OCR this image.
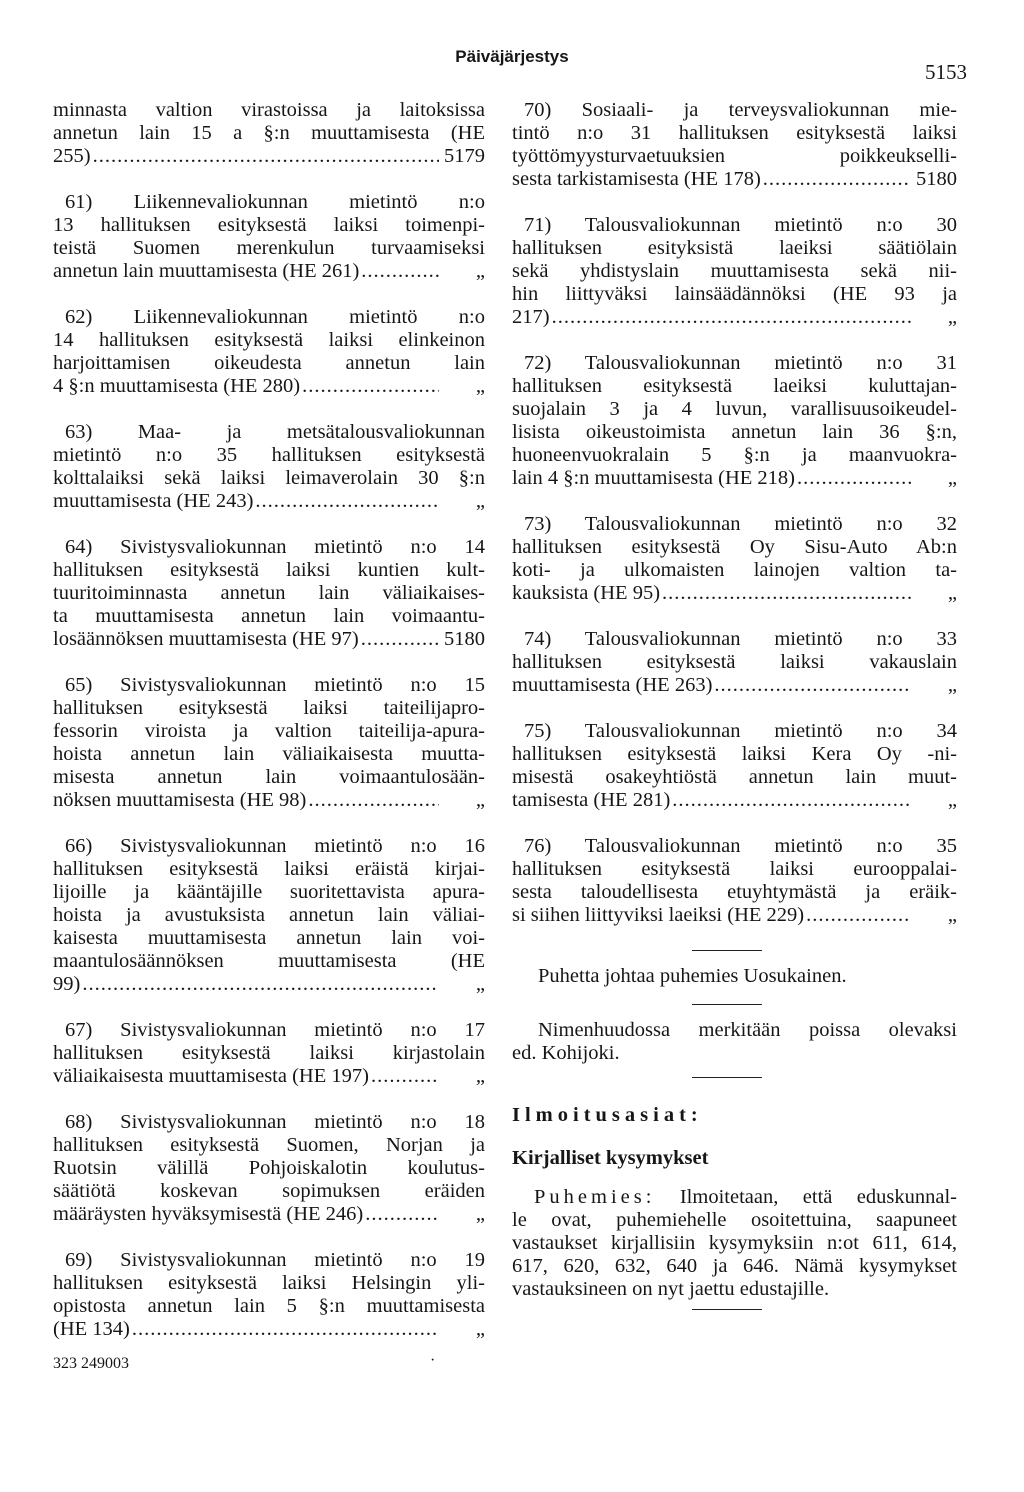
Päiväjärjestys
5153
minnasta valtion virastoissa ja laitoksissa
annetun lain 15 a §:n muuttamisesta (HE
255) .....	5179
61) Liikennevaliokunnan mietintö n:o
13 hallituksen esityksestä laiksi toimenpi-
teistä Suomen merenkulun turvaamiseksi
annetun lain muuttamisesta (HE 261) .....	„
62) Liikennevaliokunnan mietintö n:o
14 hallituksen esityksestä laiksi elinkeinon
harjoittamisen oikeudesta annetun lain
4 §:n muuttamisesta (HE 280) .....	„
63) Maa- ja metsätalousvaliokunnan
mietintö n:o 35 hallituksen esityksestä
kolttalaiksi sekä laiksi leimaverolain 30 §:n
muuttamisesta (HE 243) .....	„
64) Sivistysvaliokunnan mietintö n:o 14
hallituksen esityksestä laiksi kuntien kult-
tuuritoiminnasta annetun lain väliaikaises-
ta muuttamisesta annetun lain voimaantu-
losäännöksen muuttamisesta (HE 97) .....	5180
65) Sivistysvaliokunnan mietintö n:o 15
hallituksen esityksestä laiksi taiteilijapro-
fessorin viroista ja valtion taiteilija-apura-
hoista annetun lain väliaikaisesta muutta-
misesta annetun lain voimaantulosään-
nöksen muuttamisesta (HE 98) .....	„
66) Sivistysvaliokunnan mietintö n:o 16
hallituksen esityksestä laiksi eräistä kirjai-
lijoille ja kääntäjille suoritettavista apura-
hoista ja avustuksista annetun lain väliai-
kaisesta muuttamisesta annetun lain voi-
maantulosäännöksen muuttamisesta (HE
99) .....	„
67) Sivistysvaliokunnan mietintö n:o 17
hallituksen esityksestä laiksi kirjastolain
väliaikaisesta muuttamisesta (HE 197) .....	„
68) Sivistysvaliokunnan mietintö n:o 18
hallituksen esityksestä Suomen, Norjan ja
Ruotsin välillä Pohjoiskalotin koulutus-
säätiötä koskevan sopimuksen eräiden
määräysten hyväksymisestä (HE 246) .....	„
69) Sivistysvaliokunnan mietintö n:o 19
hallituksen esityksestä laiksi Helsingin yli-
opistosta annetun lain 5 §:n muuttamisesta
(HE 134) .....	„
70) Sosiaali- ja terveysvaliokunnan mie-
tintö n:o 31 hallituksen esityksestä laiksi
työttömyysturvaetuuksien poikkeukselli-
sesta tarkistamisesta (HE 178) .....	5180
71) Talousvaliokunnan mietintö n:o 30
hallituksen esityksistä laeiksi säätiölain
sekä yhdistyslain muuttamisesta sekä nii-
hin liittyväksi lainsäädännöksi (HE 93 ja
217) .....	„
72) Talousvaliokunnan mietintö n:o 31
hallituksen esityksestä laeiksi kuluttajan-
suojalain 3 ja 4 luvun, varallisuusoikeudel-
lisista oikeustoimista annetun lain 36 §:n,
huoneenvuokralain 5 §:n ja maanvuokra-
lain 4 §:n muuttamisesta (HE 218) .....	„
73) Talousvaliokunnan mietintö n:o 32
hallituksen esityksestä Oy Sisu-Auto Ab:n
koti- ja ulkomaisten lainojen valtion ta-
kauksista (HE 95) .....	„
74) Talousvaliokunnan mietintö n:o 33
hallituksen esityksestä laiksi vakauslain
muuttamisesta (HE 263) .....	„
75) Talousvaliokunnan mietintö n:o 34
hallituksen esityksestä laiksi Kera Oy -ni-
misestä osakeyhtiöstä annetun lain muut-
tamisesta (HE 281) .....	„
76) Talousvaliokunnan mietintö n:o 35
hallituksen esityksestä laiksi eurooppalai-
sesta taloudellisesta etuyhtymästä ja eräik-
si siihen liittyviksi laeiksi (HE 229) .....	„
Puhetta johtaa puhemies Uosukainen.
Nimenhuudossa merkitään poissa olevaksi
ed. Kohijoki.
Ilmoitusasiat:
Kirjalliset kysymykset
Puhemies: Ilmoitetaan, että eduskunnal-
le ovat, puhemiehelle osoitettuina, saapuneet
vastaukset kirjallisiin kysymyksiin n:ot 611, 614,
617, 620, 632, 640 ja 646. Nämä kysymykset
vastauksineen on nyt jaettu edustajille.
323 249003	·
